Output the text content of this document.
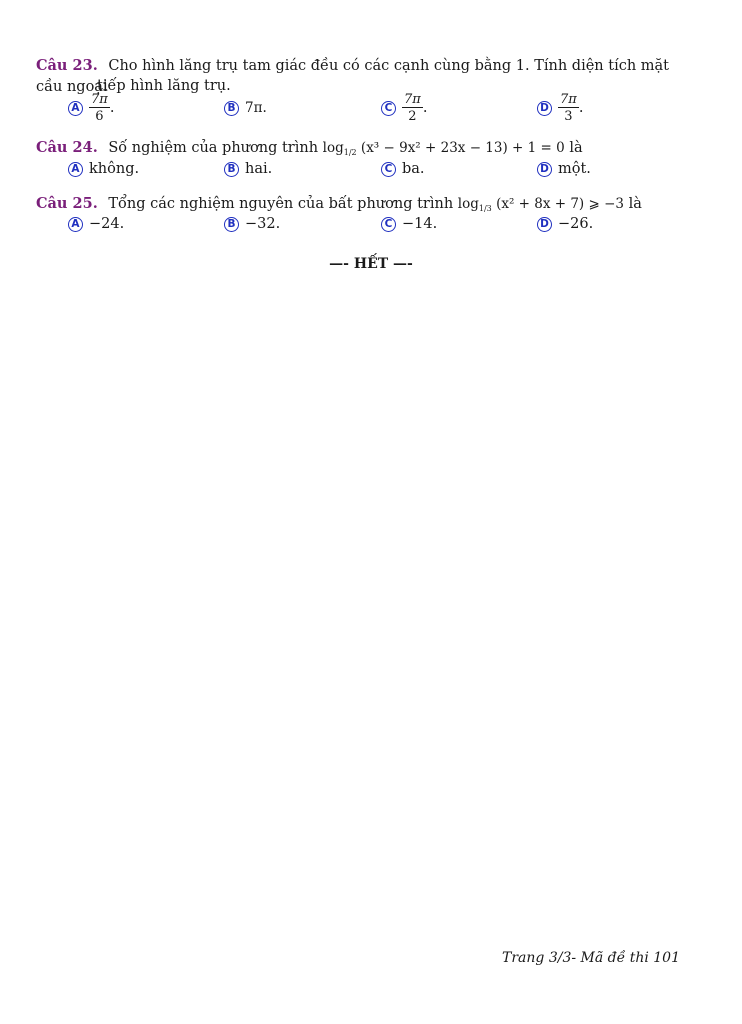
Câu 23. Cho hình lăng trụ tam giác đều có các cạnh cùng bằng 1. Tính diện tích mặt cầu ngoại
tiếp hình lăng trụ.
A $\frac{7\pi}{6}$ .	B 7π.	C $\frac{7\pi}{2}$ .	D $\frac{7\pi}{3}$ .
Câu 24. Số nghiệm của phương trình $\log_{1/2} (x^3 - 9x^2 + 23x - 13) + 1 = 0$ là
A không.	B hai.	C ba.	D một.
Câu 25. Tổng các nghiệm nguyên của bất phương trình $\log_{1/3} (x^2 + 8x + 7)$ ⩾ −3 là
A −24.	B −32.	C −14.	D −26.
—- HẾT —-
Trang 3/3- Mã đề thi 101
